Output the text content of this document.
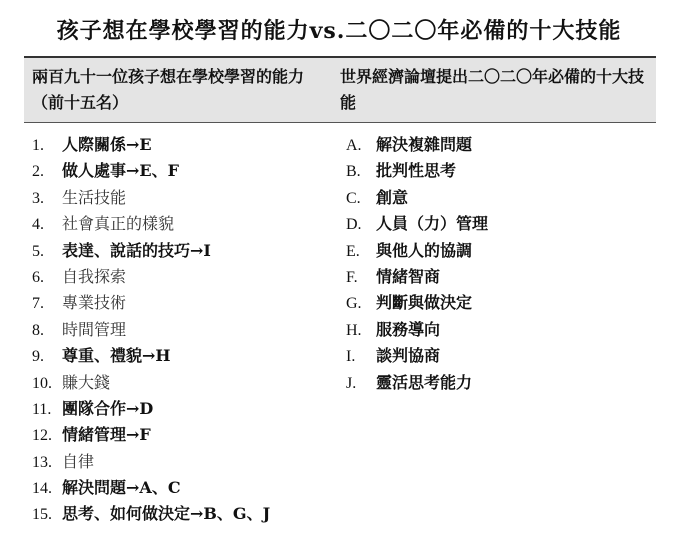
孩子想在學校學習的能力vs.二〇二〇年必備的十大技能
兩百九十一位孩子想在學校學習的能力（前十五名）
世界經濟論壇提出二〇二〇年必備的十大技能
1. 人際關係→E
2. 做人處事→E、F
3. 生活技能
4. 社會真正的樣貌
5. 表達、說話的技巧→I
6. 自我探索
7. 專業技術
8. 時間管理
9. 尊重、禮貌→H
10. 賺大錢
11. 團隊合作→D
12. 情緒管理→F
13. 自律
14. 解決問題→A、C
15. 思考、如何做決定→B、G、J
A. 解決複雜問題
B. 批判性思考
C. 創意
D. 人員（力）管理
E. 與他人的協調
F. 情緒智商
G. 判斷與做決定
H. 服務導向
I. 談判協商
J. 靈活思考能力
